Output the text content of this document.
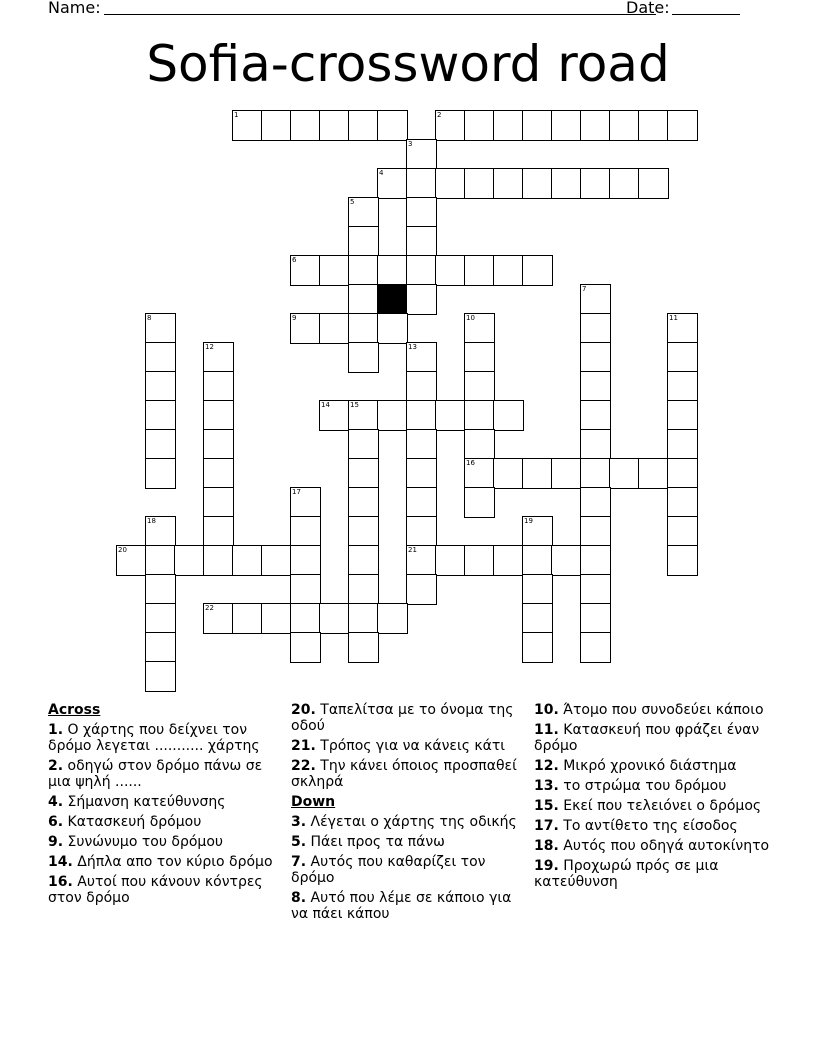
Name:	Date:
Sofia-crossword road
1	2
3
4
5
6
7
8	9	10	11
12	13
14	15
16
17
18	19
20	21
22
Across
1. Ο χάρτης που δείχνει τον δρόμο λεγεται ........... χάρτης
2. οδηγώ στον δρόμο πάνω σε μια ψηλή ......
4. Σήμανση κατεύθυνσης
6. Κατασκευή δρόμου
9. Συνώνυμο του δρόμου
14. Δήπλα απο τον κύριο δρόμο
16. Αυτοί που κάνουν κόντρες στον δρόμο
20. Ταπελίτσα με το όνομα της οδού
21. Τρόπος για να κάνεις κάτι
22. Την κάνει όποιος προσπαθεί σκληρά
Down
3. Λέγεται ο χάρτης της οδικής
5. Πάει προς τα πάνω
7. Αυτός που καθαρίζει τον δρόμο
8. Αυτό που λέμε σε κάποιο για να πάει κάπου
10. Άτομο που συνοδεύει κάποιο
11. Κατασκευή που φράζει έναν δρόμο
12. Μικρό χρονικό διάστημα
13. το στρώμα του δρόμου
15. Εκεί που τελειόνει ο δρόμος
17. Το αντίθετο της είσοδος
18. Αυτός που οδηγά αυτοκίνητο
19. Προχωρώ πρός σε μια κατεύθυνση
